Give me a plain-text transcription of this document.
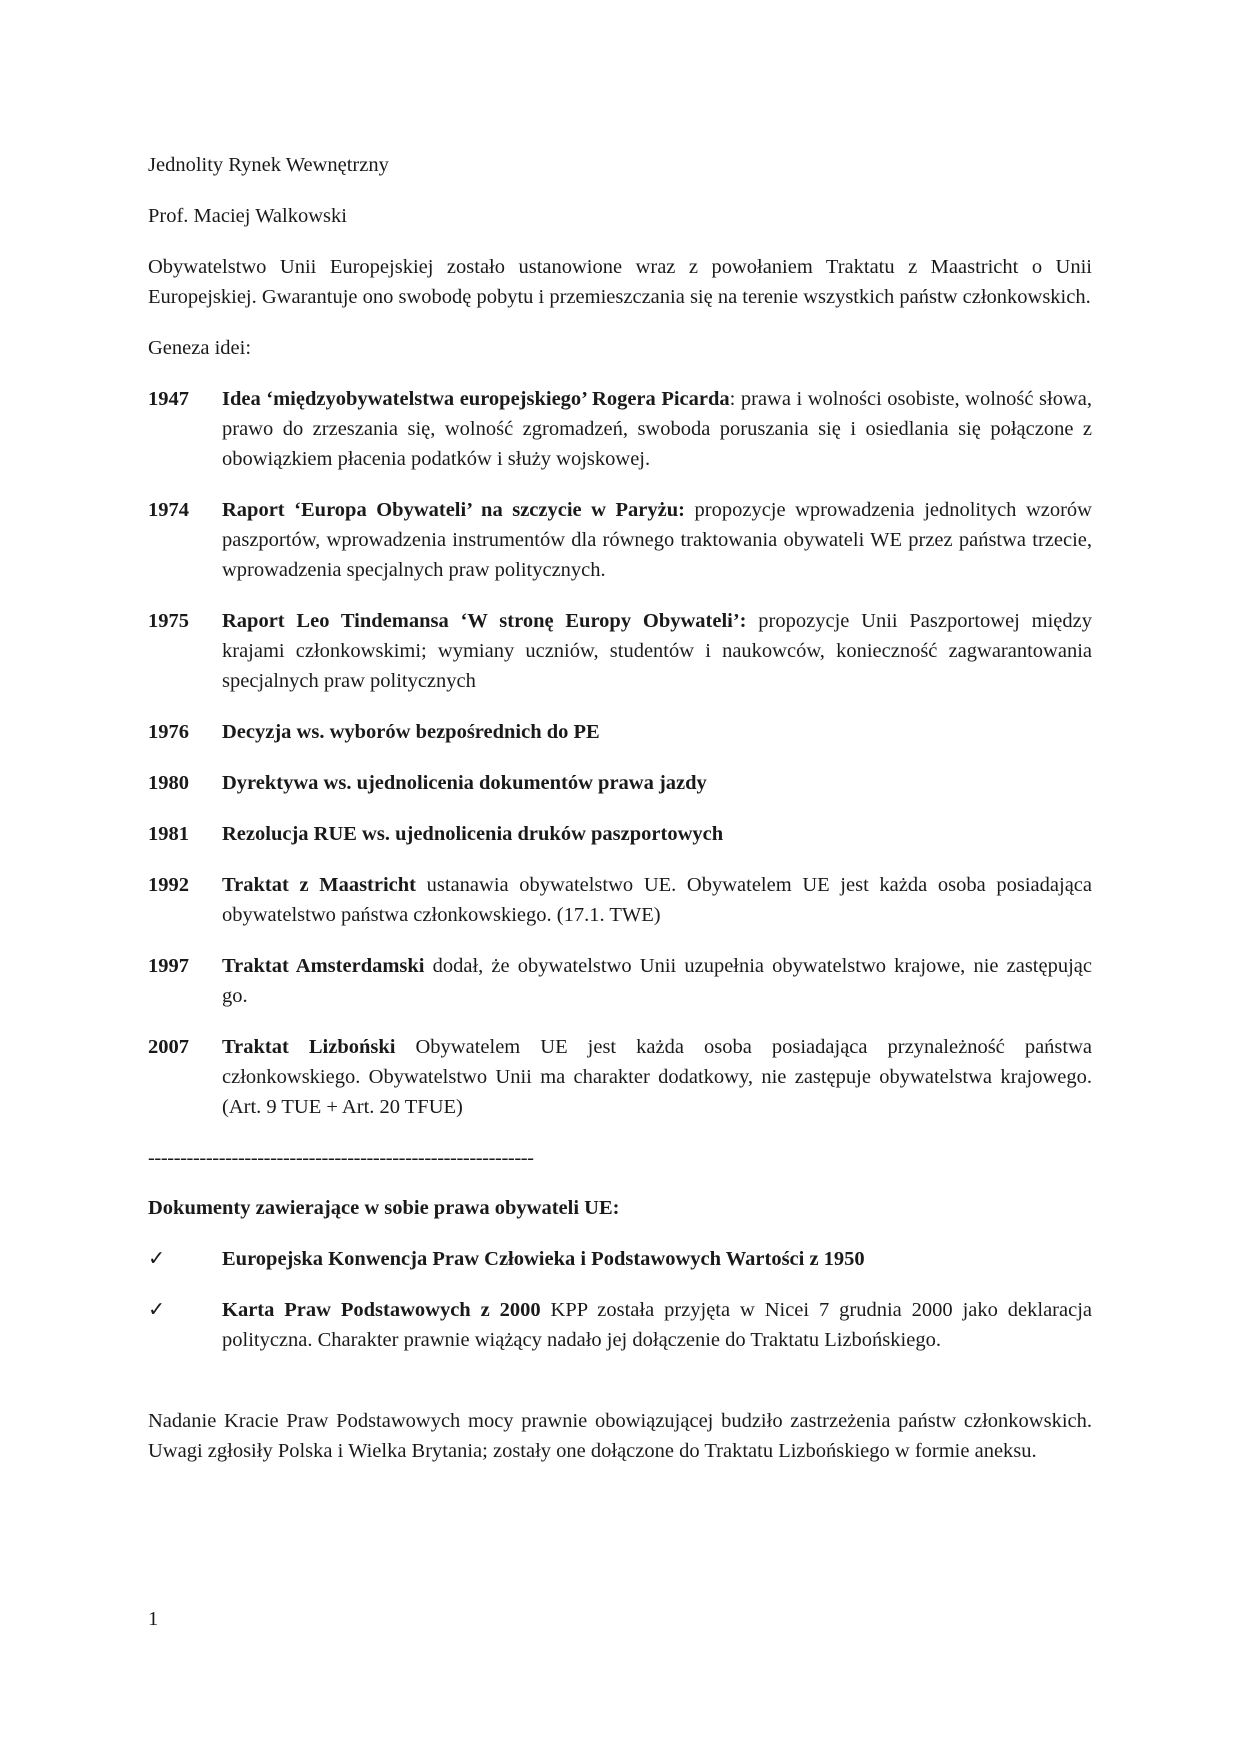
Jednolity Rynek Wewnętrzny

Prof. Maciej Walkowski

Obywatelstwo Unii Europejskiej zostało ustanowione wraz z powołaniem Traktatu z Maastricht o Unii Europejskiej. Gwarantuje ono swobodę pobytu i przemieszczania się na terenie wszystkich państw członkowskich.

Geneza idei:

1947	Idea ‘międzyobywatelstwa europejskiego’ Rogera Picarda: prawa i wolności osobiste, wolność słowa, prawo do zrzeszania się, wolność zgromadzeń, swoboda poruszania się i osiedlania się połączone z obowiązkiem płacenia podatków i służy wojskowej.
1974	Raport ‘Europa Obywateli’ na szczycie w Paryżu: propozycje wprowadzenia jednolitych wzorów paszportów, wprowadzenia instrumentów dla równego traktowania obywateli WE przez państwa trzecie, wprowadzenia specjalnych praw politycznych.
1975	Raport Leo Tindemansa ‘W stronę Europy Obywateli’: propozycje Unii Paszportowej między krajami członkowskimi; wymiany uczniów, studentów i naukowców, konieczność zagwarantowania specjalnych praw politycznych
1976	Decyzja ws. wyborów bezpośrednich do PE
1980	Dyrektywa ws. ujednolicenia dokumentów prawa jazdy
1981	Rezolucja RUE ws. ujednolicenia druków paszportowych
1992	Traktat z Maastricht ustanawia obywatelstwo UE. Obywatelem UE jest każda osoba posiadająca obywatelstwo państwa członkowskiego. (17.1. TWE)
1997	Traktat Amsterdamski dodał, że obywatelstwo Unii uzupełnia obywatelstwo krajowe, nie zastępując go.
2007	Traktat Lizboński Obywatelem UE jest każda osoba posiadająca przynależność państwa członkowskiego. Obywatelstwo Unii ma charakter dodatkowy, nie zastępuje obywatelstwa krajowego. (Art. 9 TUE + Art. 20 TFUE)

------------------------------------------------------------

Dokumenty zawierające w sobie prawa obywateli UE:

✓	Europejska Konwencja Praw Człowieka i Podstawowych Wartości z 1950
✓	Karta Praw Podstawowych z 2000 KPP została przyjęta w Nicei 7 grudnia 2000 jako deklaracja polityczna. Charakter prawnie wiążący nadało jej dołączenie do Traktatu Lizbońskiego.

Nadanie Kracie Praw Podstawowych mocy prawnie obowiązującej budziło zastrzeżenia państw członkowskich. Uwagi zgłosiły Polska i Wielka Brytania; zostały one dołączone do Traktatu Lizbońskiego w formie aneksu.

1
